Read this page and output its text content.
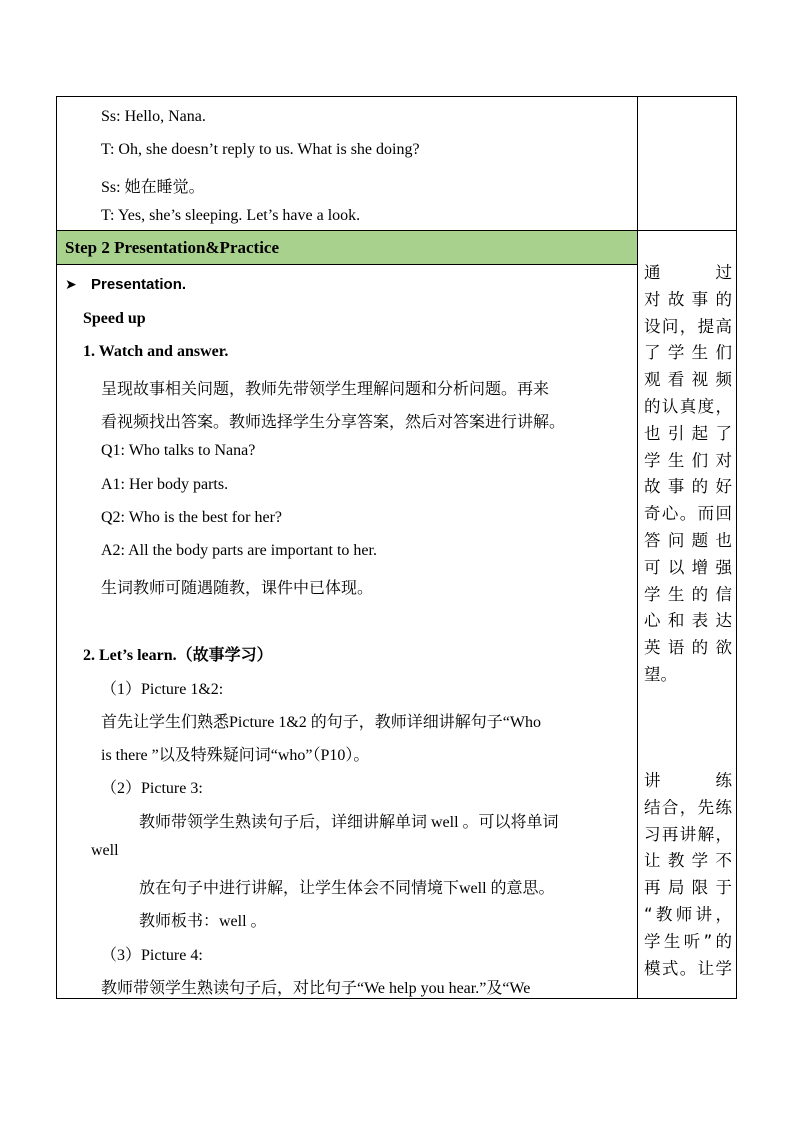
Ss: Hello, Nana.
T: Oh, she doesn’t reply to us. What is she doing?
Ss: 她在睡觉。
T: Yes, she’s sleeping. Let’s have a look.
Step 2 Presentation&Practice
➤ Presentation.
Speed up
1. Watch and answer.
呈现故事相关问题，教师先带领学生理解问题和分析问题。再来
看视频找出答案。教师选择学生分享答案，然后对答案进行讲解。
Q1: Who talks to Nana?
A1: Her body parts.
Q2: Who is the best for her?
A2: All the body parts are important to her.
生词教师可随遇随教，课件中已体现。
2. Let’s learn.（故事学习）
（1）Picture 1&2:
首先让学生们熟悉Picture 1&2 的句子，教师详细讲解句子“Who
is there ”以及特殊疑问词“who”（P10）。
（2）Picture 3:
教师带领学生熟读句子后，详细讲解单词 well 。可以将单词
well
放在句子中进行讲解，让学生体会不同情境下well 的意思。
教师板书：well 。
（3）Picture 4:
教师带领学生熟读句子后，对比句子“We help you hear.”及“We
通　过
对故事的
设问，提高
了学生们
观看视频
的认真度，
也引起了
学生们对
故事的好
奇心。而回
答问题也
可以增强
学生的信
心和表达
英语的欲
望。
讲　练
结合，先练
习再讲解，
让教学不
再局限于
“教师讲，
学生听”的
模式。让学
